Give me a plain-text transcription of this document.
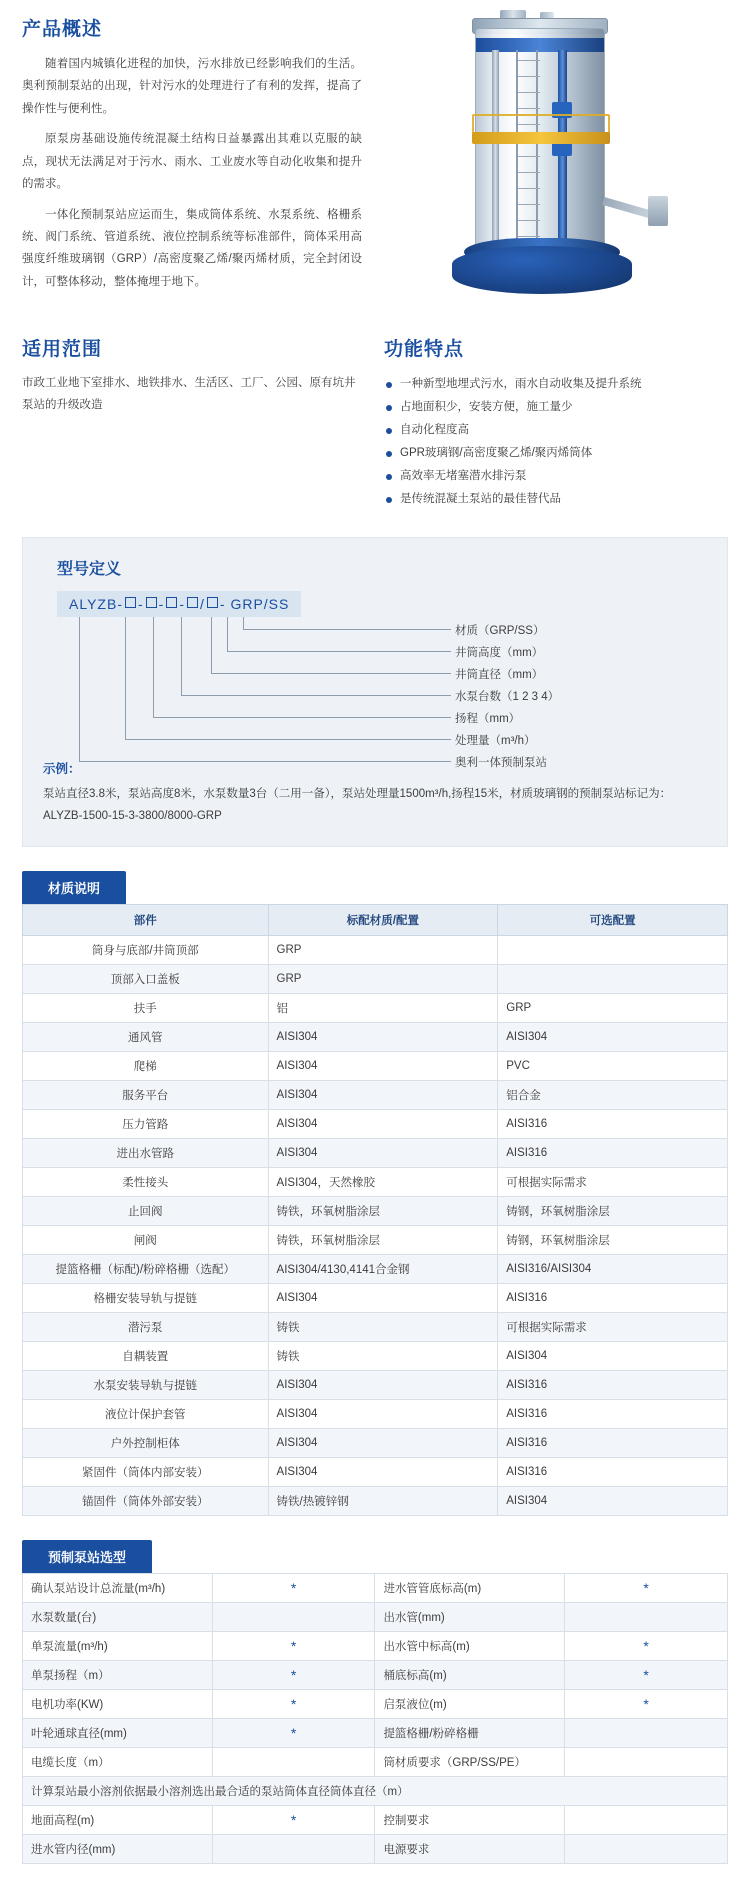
产品概述

随着国内城镇化进程的加快，污水排放已经影响我们的生活。奥利预制泵站的出现，针对污水的处理进行了有利的发挥，提高了操作性与便利性。

原泵房基础设施传统混凝土结构日益暴露出其难以克服的缺点，现状无法满足对于污水、雨水、工业废水等自动化收集和提升的需求。

一体化预制泵站应运而生，集成筒体系统、水泵系统、格栅系统、阀门系统、管道系统、液位控制系统等标准部件，筒体采用高强度纤维玻璃钢（GRP）/高密度聚乙烯/聚丙烯材质，完全封闭设计，可整体移动，整体掩埋于地下。

适用范围
市政工业地下室排水、地铁排水、生活区、工厂、公园、原有坑井泵站的升级改造
功能特点
一种新型地埋式污水，雨水自动收集及提升系统
占地面积少，安装方便，施工量少
自动化程度高
GPR玻璃钢/高密度聚乙烯/聚丙烯筒体
高效率无堵塞潜水排污泵
是传统混凝土泵站的最佳替代品
型号定义
ALYZB- - - - / - GRP/SS
材质（GRP/SS）
井筒高度（mm）
井筒直径（mm）
水泵台数（1 2 3 4）
扬程（mm）
处理量（m³/h）
奥利一体预制泵站
示例：
泵站直径3.8米，泵站高度8米，水泵数量3台（二用一备），泵站处理量1500m³/h,扬程15米，材质玻璃钢的预制泵站标记为：ALYZB-1500-15-3-3800/8000-GRP
材质说明
部件	标配材质/配置	可选配置
筒身与底部/井筒顶部	GRP	
顶部入口盖板	GRP	
扶手	铝	GRP
通风管	AISI304	AISI304
爬梯	AISI304	PVC
服务平台	AISI304	铝合金
压力管路	AISI304	AISI316
进出水管路	AISI304	AISI316
柔性接头	AISI304，天然橡胶	可根据实际需求
止回阀	铸铁，环氧树脂涂层	铸钢，环氧树脂涂层
闸阀	铸铁，环氧树脂涂层	铸钢，环氧树脂涂层
提篮格栅（标配)/粉碎格栅（选配）	AISI304/4130,4141合金钢	AISI316/AISI304
格栅安装导轨与提链	AISI304	AISI316
潜污泵	铸铁	可根据实际需求
自耦装置	铸铁	AISI304
水泵安装导轨与提链	AISI304	AISI316
液位计保护套管	AISI304	AISI316
户外控制柜体	AISI304	AISI316
紧固件（筒体内部安装）	AISI304	AISI316
锚固件（筒体外部安装）	铸铁/热镀锌钢	AISI304
预制泵站选型
确认泵站设计总流量(m³/h)	*	进水管管底标高(m)	*
水泵数量(台)		出水管(mm)	
单泵流量(m³/h)	*	出水管中标高(m)	*
单泵扬程（m）	*	桶底标高(m)	*
电机功率(KW)	*	启泵液位(m)	*
叶轮通球直径(mm)	*	提篮格栅/粉碎格栅	
电缆长度（m）		筒材质要求（GRP/SS/PE）	
计算泵站最小溶剂依据最小溶剂选出最合适的泵站筒体直径筒体直径（m）			
地面高程(m)	*	控制要求	
进水管内径(mm)		电源要求	
